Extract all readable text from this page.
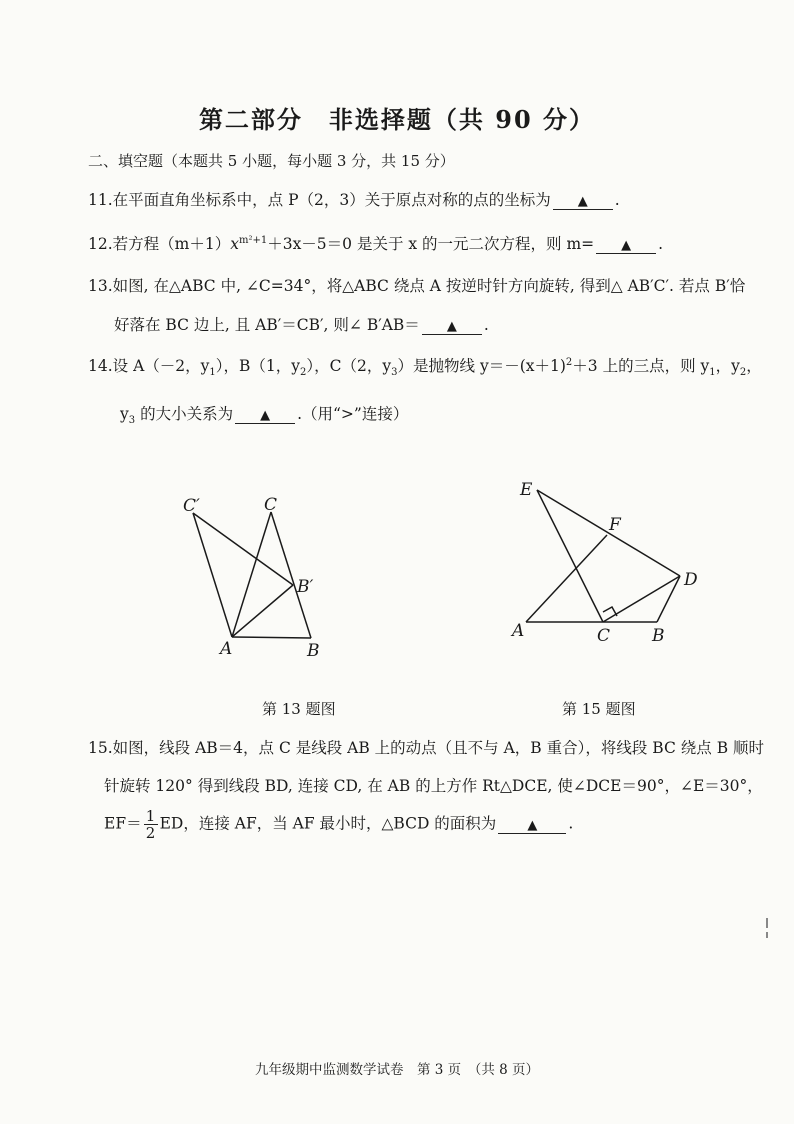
第二部分　非选择题（共 90 分）
二、填空题（本题共 5 小题，每小题 3 分，共 15 分）
11.在平面直角坐标系中，点 P（2，3）关于原点对称的点的坐标为 ▲ .
12.若方程$(m+1)x^{m^2+1}+3x-5=0$ 是关于 x 的一元二次方程，则 m= ▲ .
13.如图, 在△ABC 中, ∠C=34°，将△ABC 绕点 A 按逆时针方向旋转, 得到△ AB′C′. 若点 B′恰
好落在 BC 边上, 且 AB′＝CB′, 则∠ B′AB＝ ▲ .
14.设 A（－2，$y_1$），B（1，$y_2$），C（2，$y_3$）是抛物线 $y=-(x+1)^2+3$ 上的三点，则 $y_1$，$y_2$，
$y_3$ 的大小关系为 ▲ .（用“>”连接）
C′	C
B′
A	B
E
F
D
A	C B
第 13 题图	第 15 题图
15.如图，线段 AB＝4，点 C 是线段 AB 上的动点（且不与 A，B 重合），将线段 BC 绕点 B 顺时
针旋转 120° 得到线段 BD, 连接 CD, 在 AB 的上方作 Rt△DCE, 使∠DCE＝90°，∠E＝30°，
$EF= \frac{1}{2}$ ED，连接 AF，当 AF 最小时，△BCD 的面积为 ▲ .
九年级期中监测数学试卷　第 3 页　（共 8 页）
